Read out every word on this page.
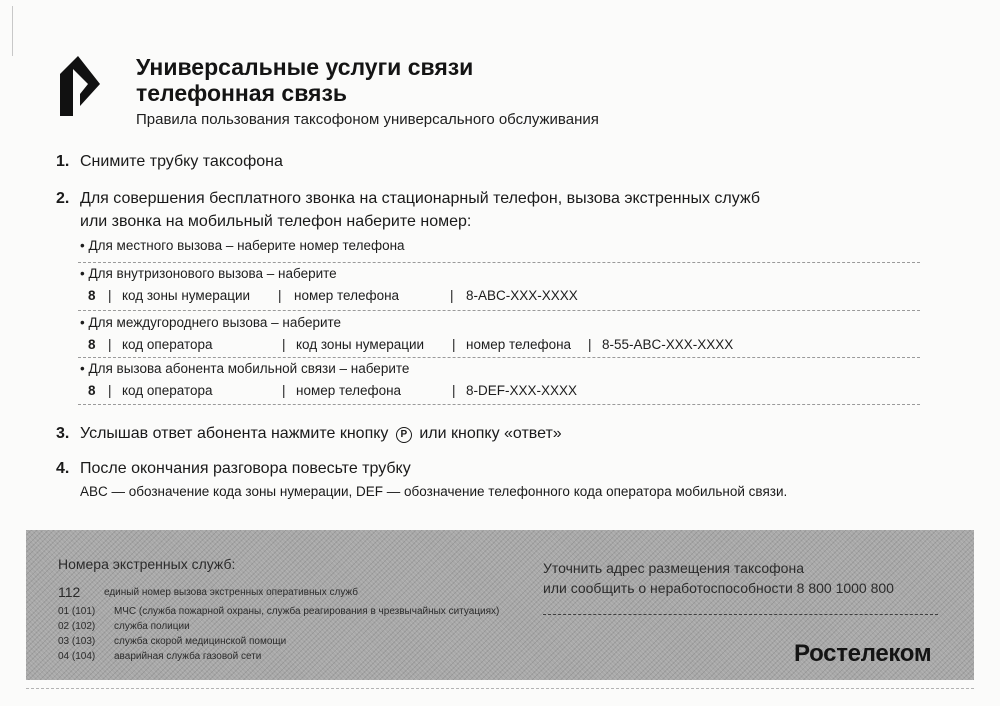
Универсальные услуги связи
телефонная связь
Правила пользования таксофоном универсального обслуживания
1. Снимите трубку таксофона
2. Для совершения бесплатного звонка на стационарный телефон, вызова экстренных служб
или звонка на мобильный телефон наберите номер:
• Для местного вызова – наберите номер телефона
• Для внутризонового вызова – наберите
8 | код зоны нумерации | номер телефона	| 8-ABC-XXX-XXXX
• Для междугороднего вызова – наберите
8 | код оператора	| код зоны нумерации | номер телефона | 8-55-ABC-XXX-XXXX
• Для вызова абонента мобильной связи – наберите
8 | код оператора	| номер телефона	| 8-DEF-XXX-XXXX
3. Услышав ответ абонента нажмите кнопку P или кнопку «ответ»
4. После окончания разговора повесьте трубку
ABC — обозначение кода зоны нумерации, DEF — обозначение телефонного кода оператора мобильной связи.
Номера экстренных служб:
112 единый номер вызова экстренных оперативных служб
01 (101) МЧС (служба пожарной охраны, служба реагирования в чрезвычайных ситуациях)
02 (102) служба полиции
03 (103) служба скорой медицинской помощи
04 (104) аварийная служба газовой сети
Уточнить адрес размещения таксофона
или сообщить о неработоспособности 8 800 1000 800
Ростелеком
